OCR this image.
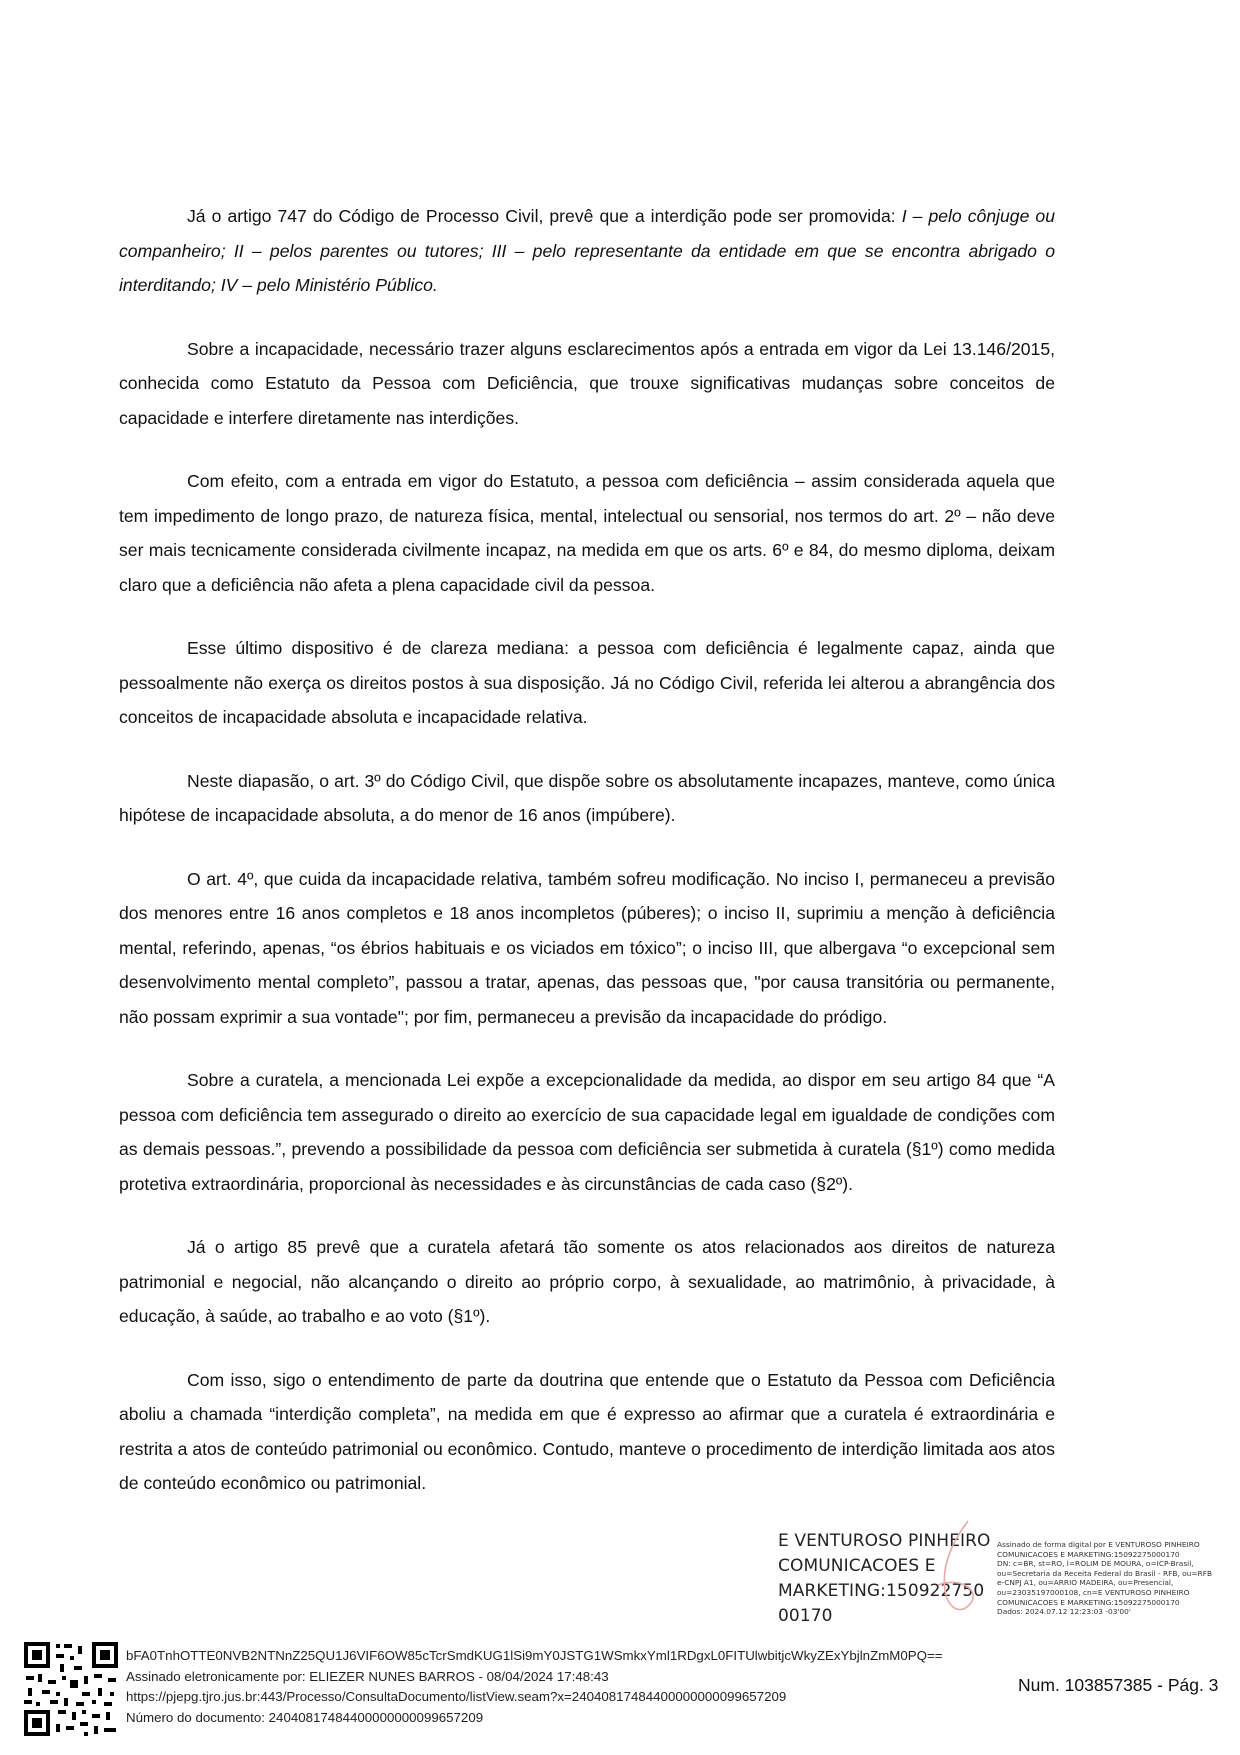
Já o artigo 747 do Código de Processo Civil, prevê que a interdição pode ser promovida: I – pelo cônjuge ou companheiro; II – pelos parentes ou tutores; III – pelo representante da entidade em que se encontra abrigado o interditando; IV – pelo Ministério Público.

Sobre a incapacidade, necessário trazer alguns esclarecimentos após a entrada em vigor da Lei 13.146/2015, conhecida como Estatuto da Pessoa com Deficiência, que trouxe significativas mudanças sobre conceitos de capacidade e interfere diretamente nas interdições.

Com efeito, com a entrada em vigor do Estatuto, a pessoa com deficiência – assim considerada aquela que tem impedimento de longo prazo, de natureza física, mental, intelectual ou sensorial, nos termos do art. 2º – não deve ser mais tecnicamente considerada civilmente incapaz, na medida em que os arts. 6º e 84, do mesmo diploma, deixam claro que a deficiência não afeta a plena capacidade civil da pessoa.

Esse último dispositivo é de clareza mediana: a pessoa com deficiência é legalmente capaz, ainda que pessoalmente não exerça os direitos postos à sua disposição. Já no Código Civil, referida lei alterou a abrangência dos conceitos de incapacidade absoluta e incapacidade relativa.

Neste diapasão, o art. 3º do Código Civil, que dispõe sobre os absolutamente incapazes, manteve, como única hipótese de incapacidade absoluta, a do menor de 16 anos (impúbere).

O art. 4º, que cuida da incapacidade relativa, também sofreu modificação. No inciso I, permaneceu a previsão dos menores entre 16 anos completos e 18 anos incompletos (púberes); o inciso II, suprimiu a menção à deficiência mental, referindo, apenas, “os ébrios habituais e os viciados em tóxico”; o inciso III, que albergava “o excepcional sem desenvolvimento mental completo”, passou a tratar, apenas, das pessoas que, "por causa transitória ou permanente, não possam exprimir a sua vontade"; por fim, permaneceu a previsão da incapacidade do pródigo.

Sobre a curatela, a mencionada Lei expõe a excepcionalidade da medida, ao dispor em seu artigo 84 que “A pessoa com deficiência tem assegurado o direito ao exercício de sua capacidade legal em igualdade de condições com as demais pessoas.”, prevendo a possibilidade da pessoa com deficiência ser submetida à curatela (§1º) como medida protetiva extraordinária, proporcional às necessidades e às circunstâncias de cada caso (§2º).

Já o artigo 85 prevê que a curatela afetará tão somente os atos relacionados aos direitos de natureza patrimonial e negocial, não alcançando o direito ao próprio corpo, à sexualidade, ao matrimônio, à privacidade, à educação, à saúde, ao trabalho e ao voto (§1º).

Com isso, sigo o entendimento de parte da doutrina que entende que o Estatuto da Pessoa com Deficiência aboliu a chamada “interdição completa”, na medida em que é expresso ao afirmar que a curatela é extraordinária e restrita a atos de conteúdo patrimonial ou econômico. Contudo, manteve o procedimento de interdição limitada aos atos de conteúdo econômico ou patrimonial.

E VENTUROSO PINHEIRO
COMUNICACOES E
MARKETING:150922750
00170
Assinado de forma digital por E VENTUROSO PINHEIRO
COMUNICACOES E MARKETING:15092275000170
DN: c=BR, st=RO, l=ROLIM DE MOURA, o=ICP-Brasil,
ou=Secretaria da Receita Federal do Brasil - RFB, ou=RFB
e-CNPJ A1, ou=ARRIO MADEIRA, ou=Presencial,
ou=23035197000108, cn=E VENTUROSO PINHEIRO
COMUNICACOES E MARKETING:15092275000170
Dados: 2024.07.12 12:23:03 -03'00'
bFA0TnhOTTE0NVB2NTNnZ25QU1J6VIF6OW85cTcrSmdKUG1lSi9mY0JSTG1WSmkxYml1RDgxL0FITUlwbitjcWkyZExYbjlnZmM0PQ==
Assinado eletronicamente por: ELIEZER NUNES BARROS - 08/04/2024 17:48:43
https://pjepg.tjro.jus.br:443/Processo/ConsultaDocumento/listView.seam?x=24040817484400000000099657209
Número do documento: 24040817484400000000099657209
Num. 103857385 - Pág. 3
